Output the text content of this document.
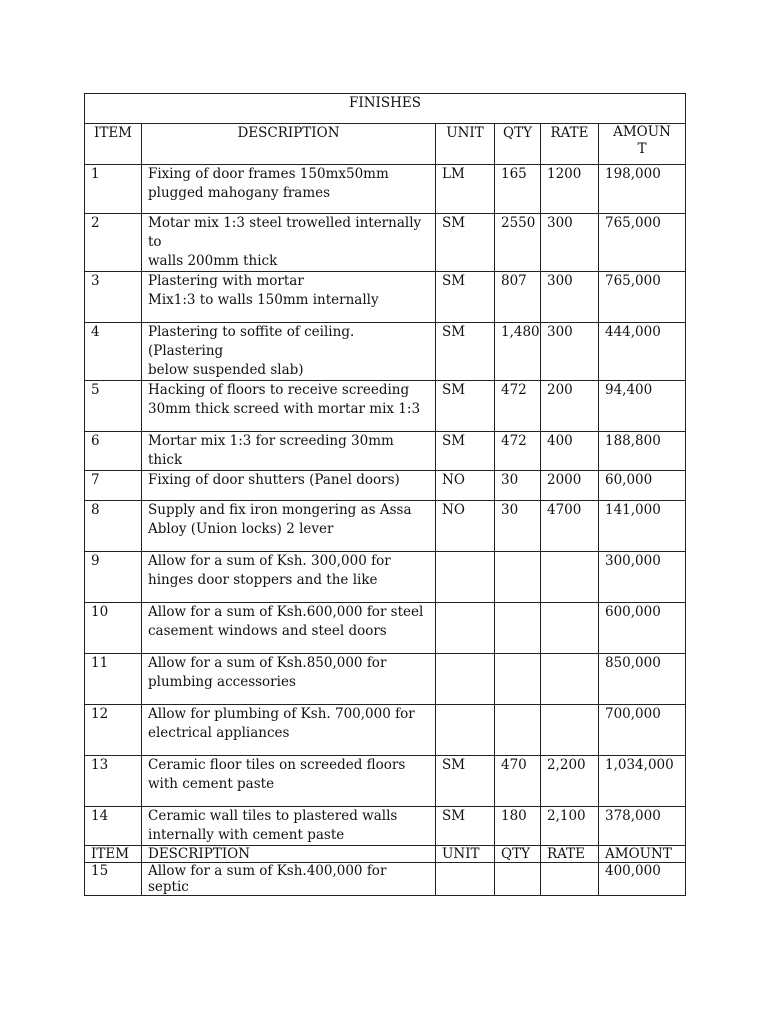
FINISHES					
ITEM	DESCRIPTION	UNIT	QTY	RATE	AMOUN
T
1	Fixing of door frames 150mx50mm
plugged mahogany frames	LM	165	1200	198,000
2	Motar mix 1:3 steel trowelled internally to
walls 200mm thick	SM	2550	300	765,000
3	Plastering with mortar
Mix1:3 to walls 150mm internally	SM	807	300	765,000
4	Plastering to soffite of ceiling. (Plastering
below suspended slab)	SM	1,480	300	444,000
5	Hacking of floors to receive screeding
30mm thick screed with mortar mix 1:3	SM	472	200	94,400
6	Mortar mix 1:3 for screeding 30mm thick	SM	472	400	188,800
7	Fixing of door shutters (Panel doors)	NO	30	2000	60,000
8	Supply and fix iron mongering as Assa
Abloy (Union locks) 2 lever	NO	30	4700	141,000
9	Allow for a sum of Ksh. 300,000 for
hinges door stoppers and the like				300,000
10	Allow for a sum of Ksh.600,000 for steel
casement windows and steel doors				600,000
11	Allow for a sum of Ksh.850,000 for
plumbing accessories				850,000
12	Allow for plumbing of Ksh. 700,000 for
electrical appliances				700,000
13	Ceramic floor tiles on screeded floors
with cement paste	SM	470	2,200	1,034,000
14	Ceramic wall tiles to plastered walls
internally with cement paste	SM	180	2,100	378,000
ITEM	DESCRIPTION	UNIT	QTY	RATE	AMOUNT
15	Allow for a sum of Ksh.400,000 for septic				400,000
